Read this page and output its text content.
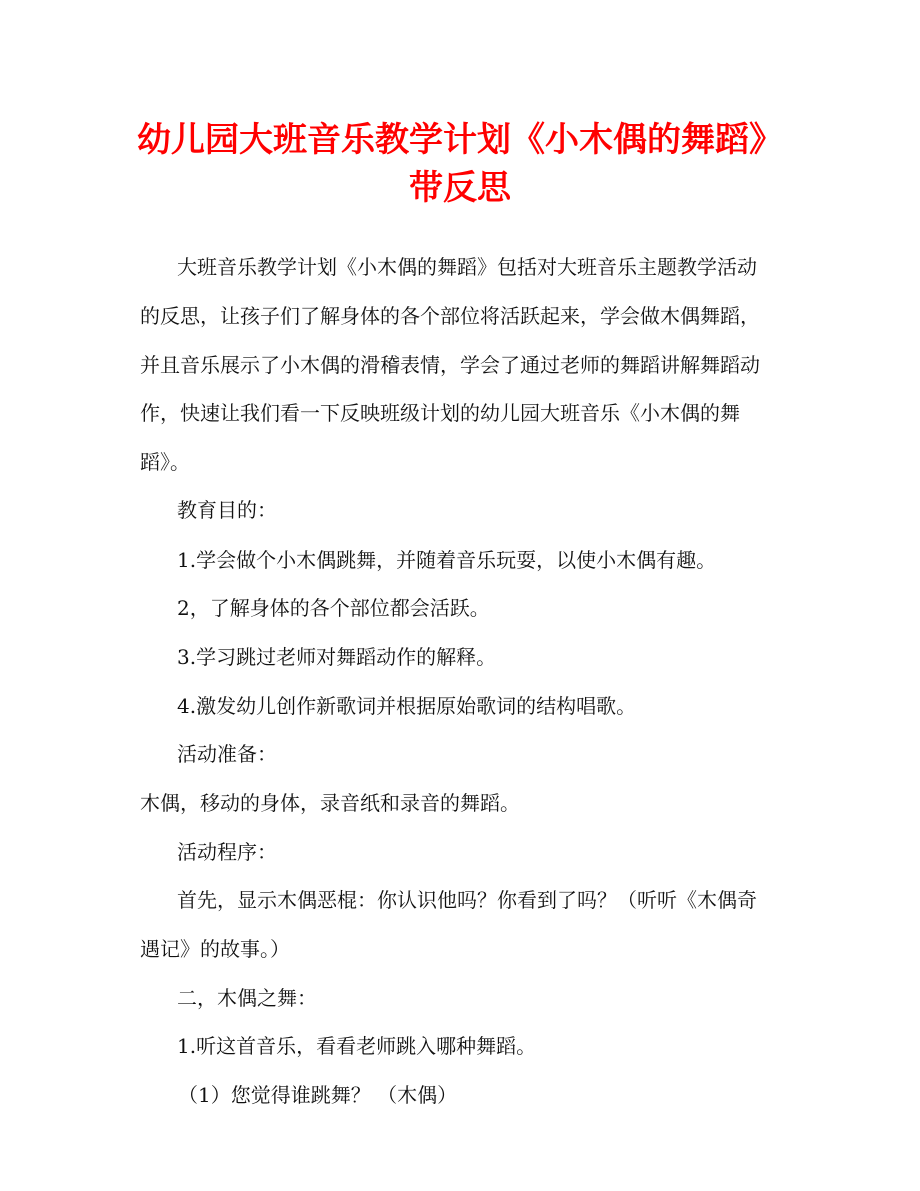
幼儿园大班音乐教学计划《小木偶的舞蹈》
带反思
大班音乐教学计划《小木偶的舞蹈》包括对大班音乐主题教学活动
的反思，让孩子们了解身体的各个部位将活跃起来，学会做木偶舞蹈，
并且音乐展示了小木偶的滑稽表情，学会了通过老师的舞蹈讲解舞蹈动
作，快速让我们看一下反映班级计划的幼儿园大班音乐《小木偶的舞
蹈》。
教育目的：
1.学会做个小木偶跳舞，并随着音乐玩耍，以使小木偶有趣。
2，了解身体的各个部位都会活跃。
3.学习跳过老师对舞蹈动作的解释。
4.激发幼儿创作新歌词并根据原始歌词的结构唱歌。
活动准备：
木偶，移动的身体，录音纸和录音的舞蹈。
活动程序：
首先，显示木偶恶棍：你认识他吗？你看到了吗？（听听《木偶奇
遇记》的故事。）
二，木偶之舞：
1.听这首音乐，看看老师跳入哪种舞蹈。
（1）您觉得谁跳舞？ （木偶）
